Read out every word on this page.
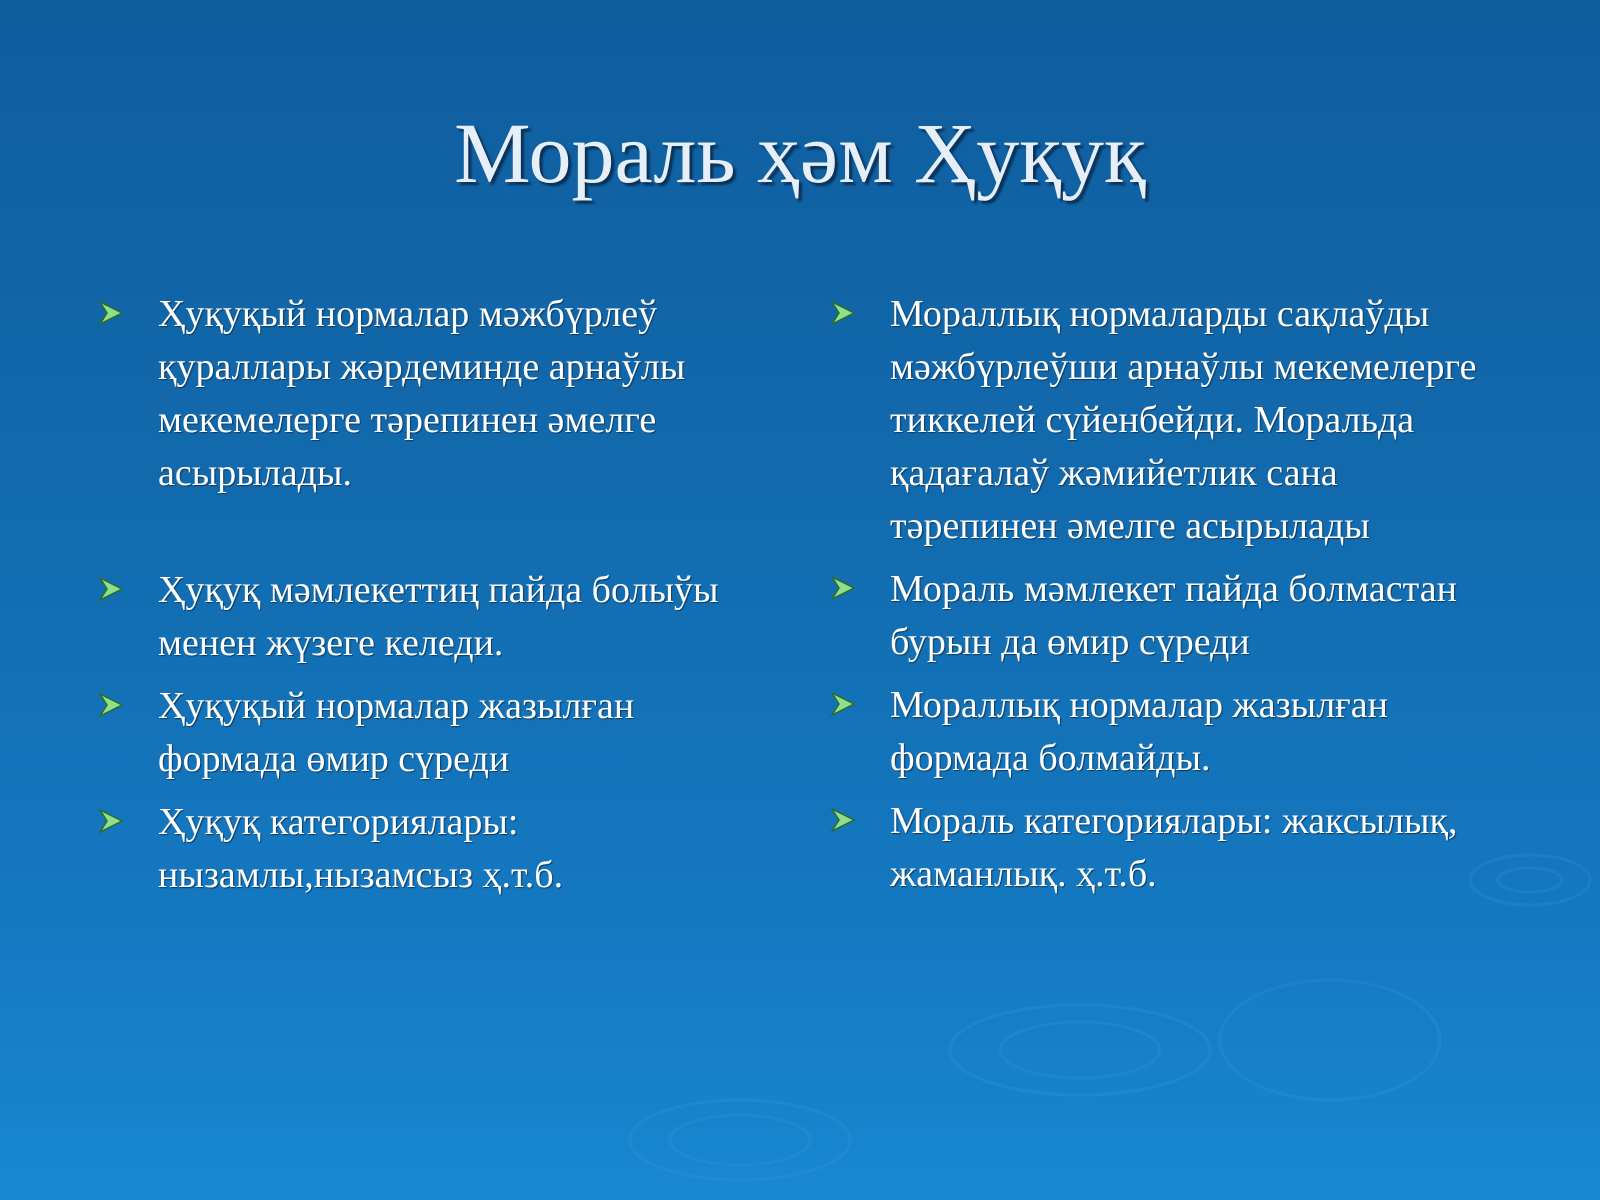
Мораль ҳәм Ҳуқуқ
Ҳуқуқый нормалар мәжбүрлеў қураллары жәрдеминде арнаўлы мекемелерге тәрепинен әмелге асырылады.
Ҳуқуқ мәмлекеттиң пайда болыўы менен жүзеге келеди.
Ҳуқуқый нормалар жазылған формада өмир сүреди
Ҳуқуқ категориялары: нызамлы,нызамсыз ҳ.т.б.
Мораллық нормаларды сақлаўды мәжбүрлеўши арнаўлы мекемелерге тиккелей сүйенбейди. Моральда қадағалаў жәмийетлик сана тәрепинен әмелге асырылады
Мораль мәмлекет пайда болмастан бурын да өмир сүреди
Мораллық нормалар жазылған формада болмайды.
Мораль категориялары: жаксылық, жаманлық. ҳ.т.б.
